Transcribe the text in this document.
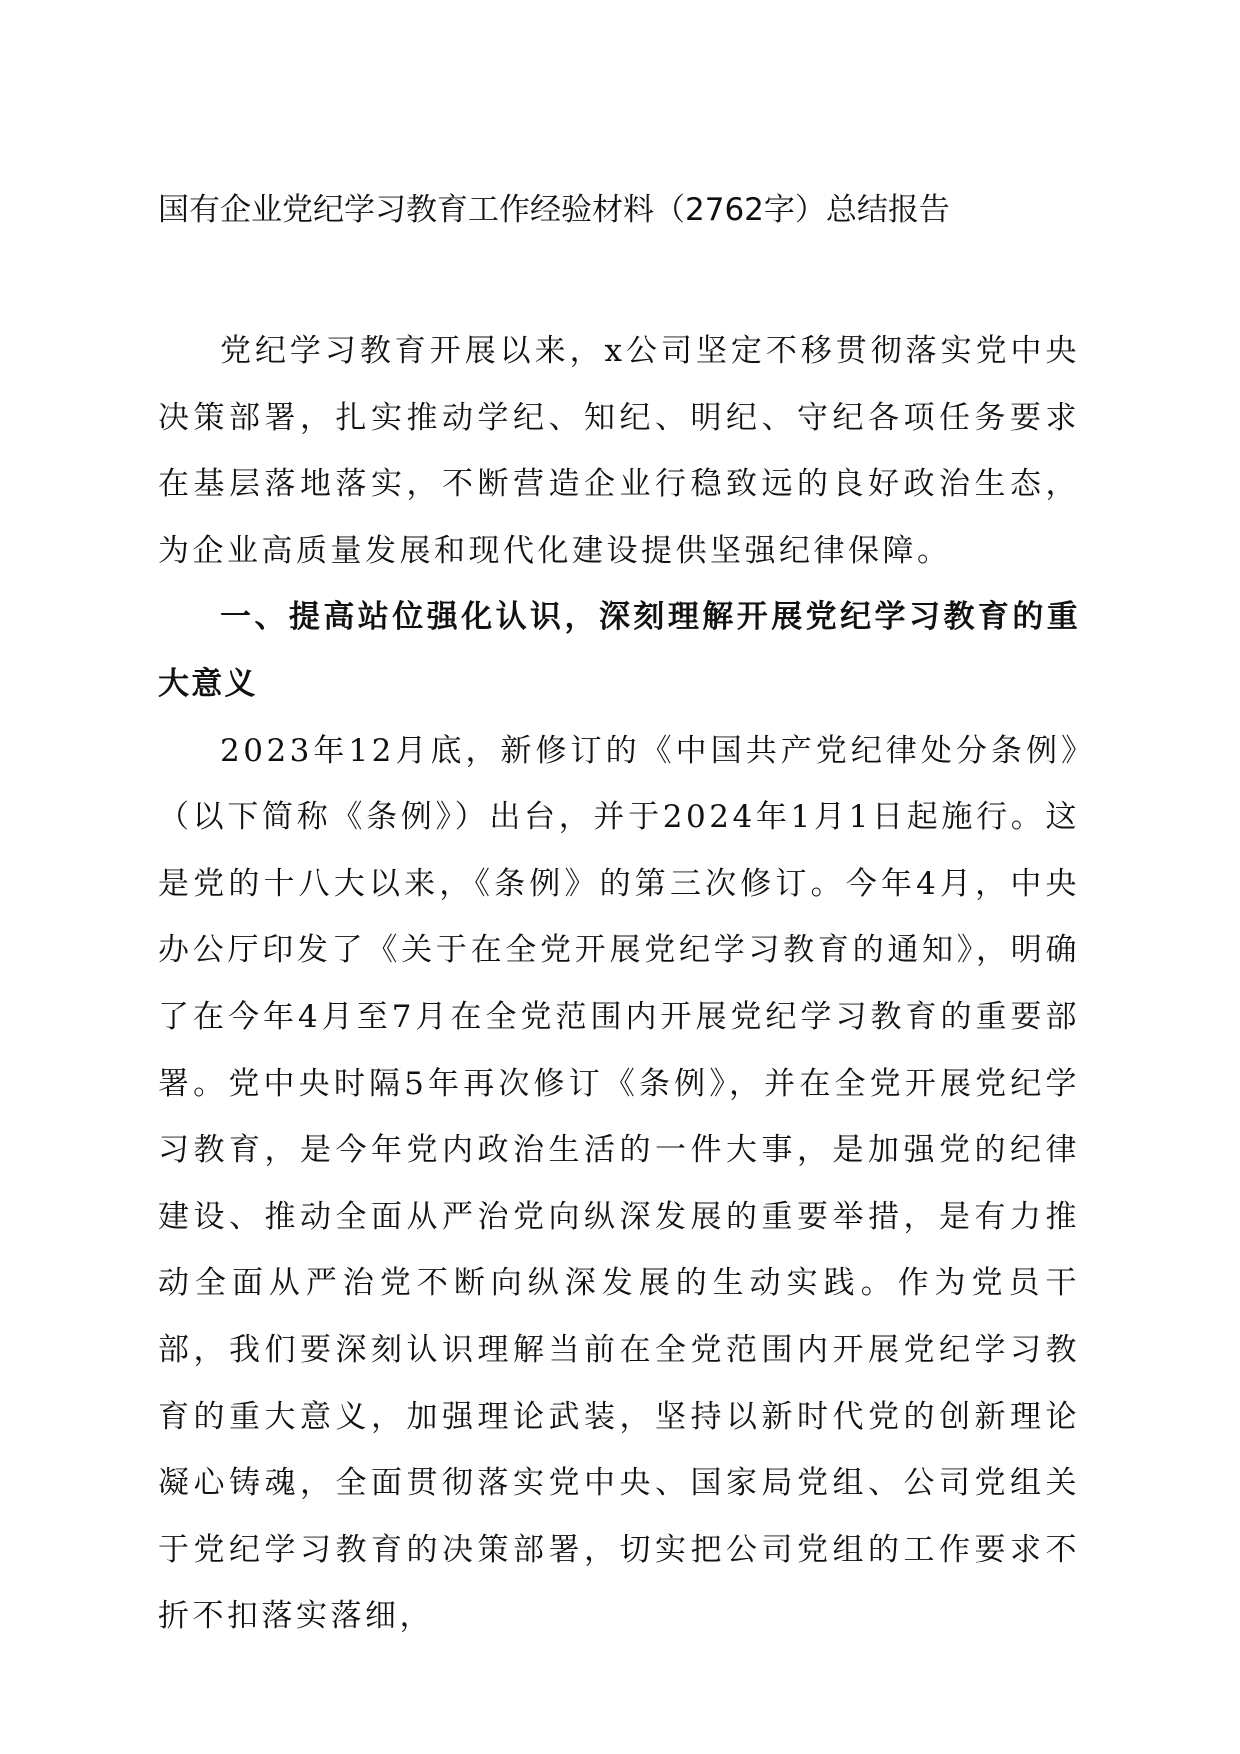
国有企业党纪学习教育工作经验材料（2762字）总结报告

党纪学习教育开展以来，x公司坚定不移贯彻落实党中央决策部署，扎实推动学纪、知纪、明纪、守纪各项任务要求在基层落地落实，不断营造企业行稳致远的良好政治生态，为企业高质量发展和现代化建设提供坚强纪律保障。

一、提高站位强化认识，深刻理解开展党纪学习教育的重大意义

2023年12月底，新修订的《中国共产党纪律处分条例》（以下简称《条例》）出台，并于2024年1月1日起施行。这是党的十八大以来，《条例》的第三次修订。今年4月，中央办公厅印发了《关于在全党开展党纪学习教育的通知》，明确了在今年4月至7月在全党范围内开展党纪学习教育的重要部署。党中央时隔5年再次修订《条例》，并在全党开展党纪学习教育，是今年党内政治生活的一件大事，是加强党的纪律建设、推动全面从严治党向纵深发展的重要举措，是有力推动全面从严治党不断向纵深发展的生动实践。作为党员干部，我们要深刻认识理解当前在全党范围内开展党纪学习教育的重大意义，加强理论武装，坚持以新时代党的创新理论凝心铸魂，全面贯彻落实党中央、国家局党组、公司党组关于党纪学习教育的决策部署，切实把公司党组的工作要求不折不扣落实落细，
